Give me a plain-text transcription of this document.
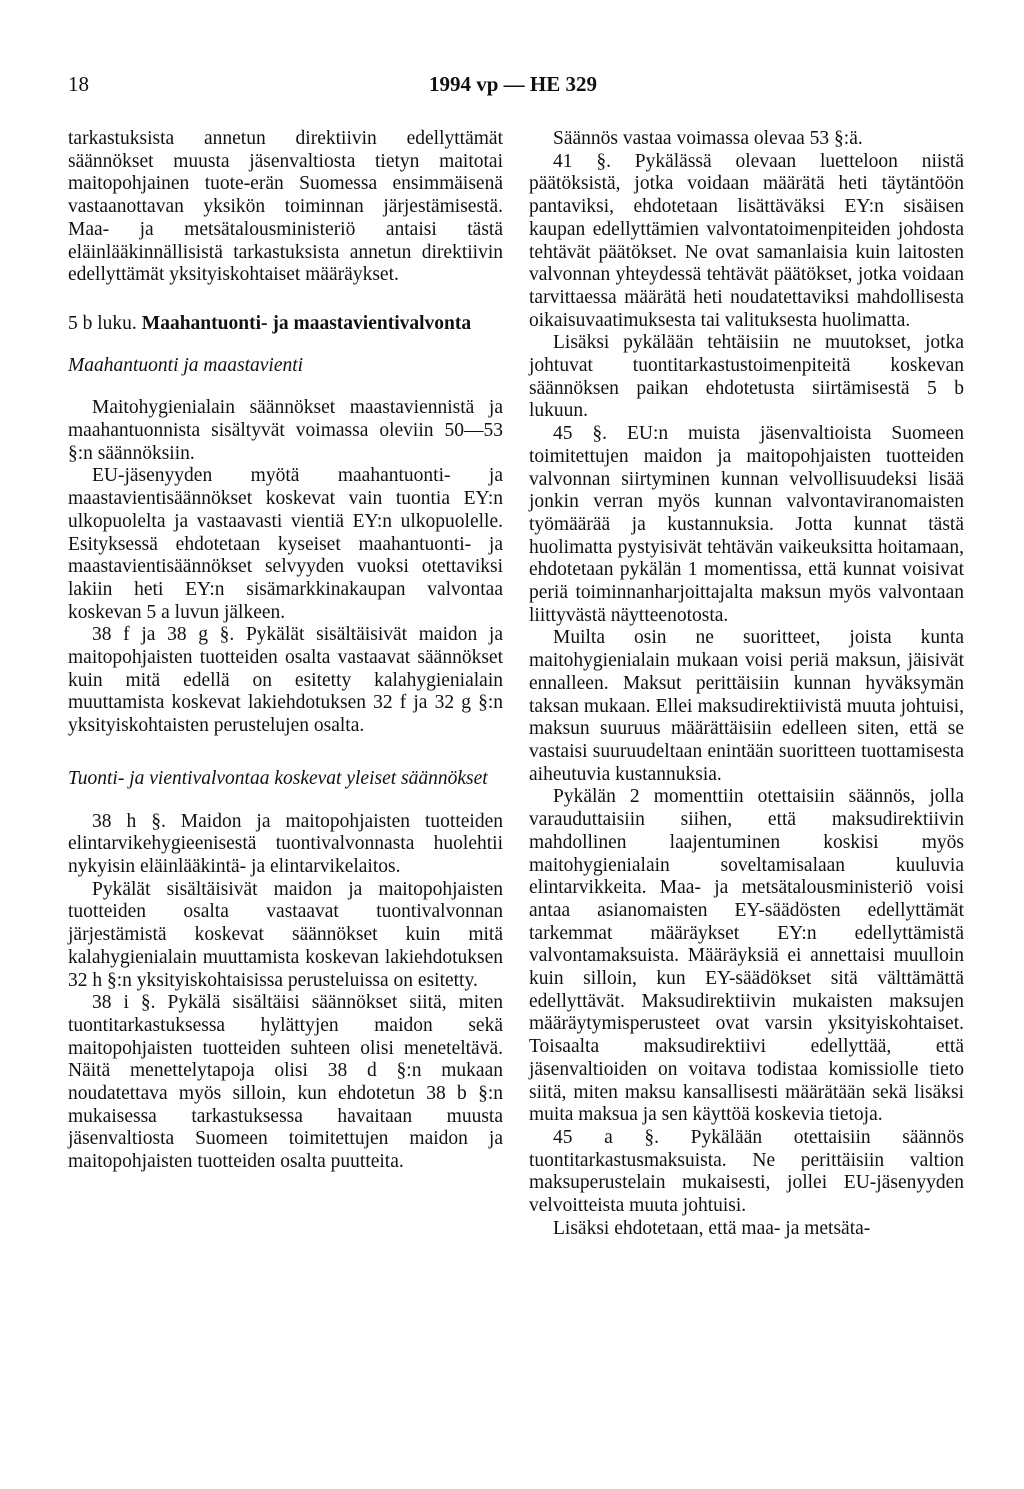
18	1994 vp — HE 329

tarkastuksista annetun direktiivin edellyttämät säännökset muusta jäsenvaltiosta tietyn maitotai maitopohjainen tuote-erän Suomessa ensimmäisenä vastaanottavan yksikön toiminnan järjestämisestä. Maa- ja metsätalousministeriö antaisi tästä eläinlääkinnällisistä tarkastuksista annetun direktiivin edellyttämät yksityiskohtaiset määräykset.

5 b luku. Maahantuonti- ja maastavientivalvonta
Maahantuonti ja maastavienti

Maitohygienialain säännökset maastaviennistä ja maahantuonnista sisältyvät voimassa oleviin 50—53 §:n säännöksiin.

EU-jäsenyyden myötä maahantuonti- ja maastavientisäännökset koskevat vain tuontia EY:n ulkopuolelta ja vastaavasti vientiä EY:n ulkopuolelle. Esityksessä ehdotetaan kyseiset maahantuonti- ja maastavientisäännökset selvyyden vuoksi otettaviksi lakiin heti EY:n sisämarkkinakaupan valvontaa koskevan 5 a luvun jälkeen.

38 f ja 38 g §. Pykälät sisältäisivät maidon ja maitopohjaisten tuotteiden osalta vastaavat säännökset kuin mitä edellä on esitetty kalahygienialain muuttamista koskevat lakiehdotuksen 32 f ja 32 g §:n yksityiskohtaisten perustelujen osalta.

Tuonti- ja vientivalvontaa koskevat yleiset säännökset

38 h §. Maidon ja maitopohjaisten tuotteiden elintarvikehygieenisestä tuontivalvonnasta huolehtii nykyisin eläinlääkintä- ja elintarvikelaitos.

Pykälät sisältäisivät maidon ja maitopohjaisten tuotteiden osalta vastaavat tuontivalvonnan järjestämistä koskevat säännökset kuin mitä kalahygienialain muuttamista koskevan lakiehdotuksen 32 h §:n yksityiskohtaisissa perusteluissa on esitetty.

38 i §. Pykälä sisältäisi säännökset siitä, miten tuontitarkastuksessa hylättyjen maidon sekä maitopohjaisten tuotteiden suhteen olisi meneteltävä. Näitä menettelytapoja olisi 38 d §:n mukaan noudatettava myös silloin, kun ehdotetun 38 b §:n mukaisessa tarkastuksessa havaitaan muusta jäsenvaltiosta Suomeen toimitettujen maidon ja maitopohjaisten tuotteiden osalta puutteita.

Säännös vastaa voimassa olevaa 53 §:ä.

41 §. Pykälässä olevaan luetteloon niistä päätöksistä, jotka voidaan määrätä heti täytäntöön pantaviksi, ehdotetaan lisättäväksi EY:n sisäisen kaupan edellyttämien valvontatoimenpiteiden johdosta tehtävät päätökset. Ne ovat samanlaisia kuin laitosten valvonnan yhteydessä tehtävät päätökset, jotka voidaan tarvittaessa määrätä heti noudatettaviksi mahdollisesta oikaisuvaatimuksesta tai valituksesta huolimatta.

Lisäksi pykälään tehtäisiin ne muutokset, jotka johtuvat tuontitarkastustoimenpiteitä koskevan säännöksen paikan ehdotetusta siirtämisestä 5 b lukuun.

45 §. EU:n muista jäsenvaltioista Suomeen toimitettujen maidon ja maitopohjaisten tuotteiden valvonnan siirtyminen kunnan velvollisuudeksi lisää jonkin verran myös kunnan valvontaviranomaisten työmäärää ja kustannuksia. Jotta kunnat tästä huolimatta pystyisivät tehtävän vaikeuksitta hoitamaan, ehdotetaan pykälän 1 momentissa, että kunnat voisivat periä toiminnanharjoittajalta maksun myös valvontaan liittyvästä näytteenotosta.

Muilta osin ne suoritteet, joista kunta maitohygienialain mukaan voisi periä maksun, jäisivät ennalleen. Maksut perittäisiin kunnan hyväksymän taksan mukaan. Ellei maksudirektiivistä muuta johtuisi, maksun suuruus määrättäisiin edelleen siten, että se vastaisi suuruudeltaan enintään suoritteen tuottamisesta aiheutuvia kustannuksia.

Pykälän 2 momenttiin otettaisiin säännös, jolla varauduttaisiin siihen, että maksudirektiivin mahdollinen laajentuminen koskisi myös maitohygienialain soveltamisalaan kuuluvia elintarvikkeita. Maa- ja metsätalousministeriö voisi antaa asianomaisten EY-säädösten edellyttämät tarkemmat määräykset EY:n edellyttämistä valvontamaksuista. Määräyksiä ei annettaisi muulloin kuin silloin, kun EY-säädökset sitä välttämättä edellyttävät. Maksudirektiivin mukaisten maksujen määräytymisperusteet ovat varsin yksityiskohtaiset. Toisaalta maksudirektiivi edellyttää, että jäsenvaltioiden on voitava todistaa komissiolle tieto siitä, miten maksu kansallisesti määrätään sekä lisäksi muita maksua ja sen käyttöä koskevia tietoja.

45 a §. Pykälään otettaisiin säännös tuontitarkastusmaksuista. Ne perittäisiin valtion maksuperustelain mukaisesti, jollei EU-jäsenyyden velvoitteista muuta johtuisi.

Lisäksi ehdotetaan, että maa- ja metsäta-
